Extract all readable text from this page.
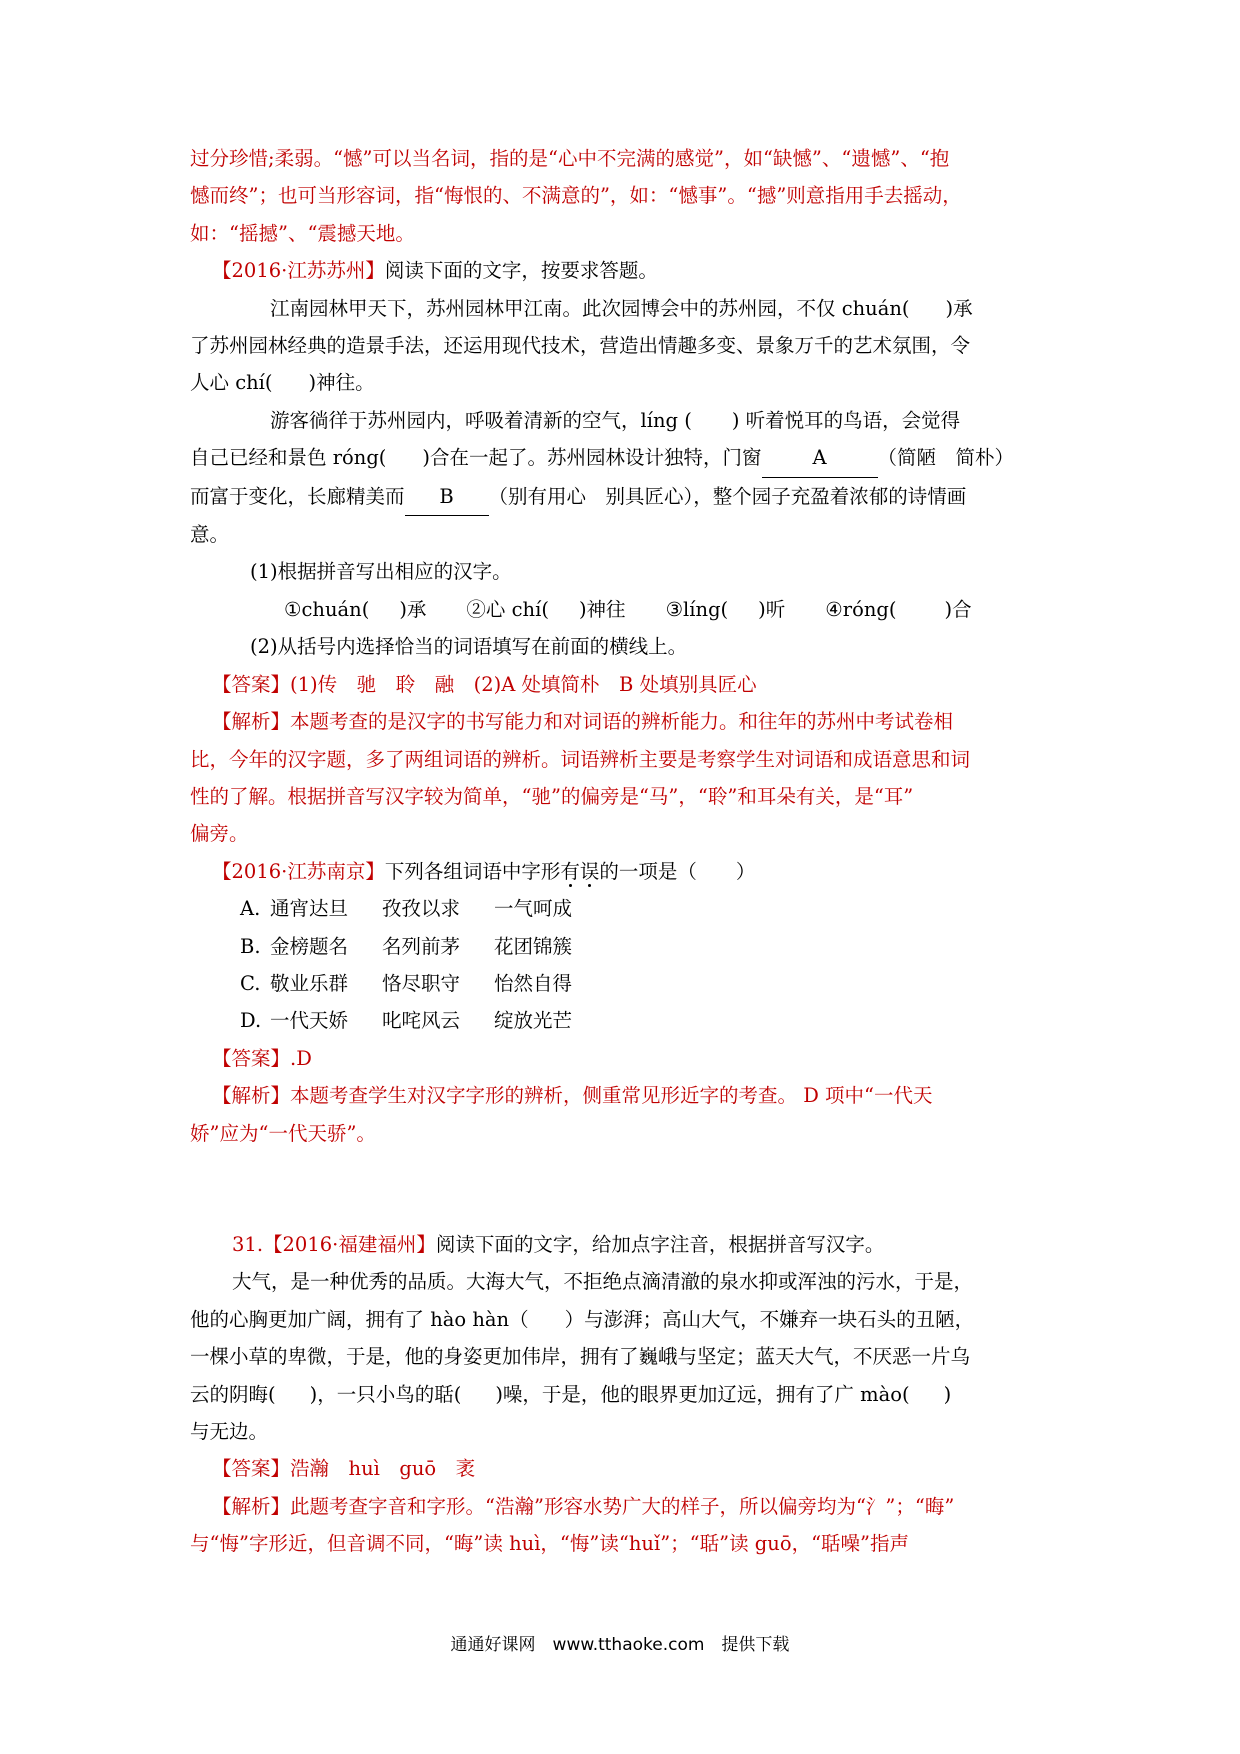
过分珍惜;柔弱。“憾”可以当名词，指的是“心中不完满的感觉”，如“缺憾”、“遗憾”、“抱
憾而终”；也可当形容词，指“悔恨的、不满意的”，如：“憾事”。“撼”则意指用手去摇动，
如：“摇撼”、“震撼天地。
【2016·江苏苏州】阅读下面的文字，按要求答题。
江南园林甲天下，苏州园林甲江南。此次园博会中的苏州园，不仅 chuán( )承
了苏州园林经典的造景手法，还运用现代技术，营造出情趣多变、景象万千的艺术氛围，令
人心 chí( )神往。
游客徜徉于苏州园内，呼吸着清新的空气，líng ( ) 听着悦耳的鸟语，会觉得
自己已经和景色 róng( )合在一起了。苏州园林设计独特，门窗	A	（简陋　简朴）
而富于变化，长廊精美而 B （别有用心　别具匠心），整个园子充盈着浓郁的诗情画
意。
(1)根据拼音写出相应的汉字。
①chuán( )承 ②心 chí( )神往 ③líng( )听 ④róng( )合
(2)从括号内选择恰当的词语填写在前面的横线上。
【答案】(1)传　驰　聆　融　(2)A 处填简朴　B 处填别具匠心
【解析】本题考查的是汉字的书写能力和对词语的辨析能力。和往年的苏州中考试卷相
比，今年的汉字题，多了两组词语的辨析。词语辨析主要是考察学生对词语和成语意思和词
性的了解。根据拼音写汉字较为简单，“驰”的偏旁是“马”，“聆”和耳朵有关，是“耳”
偏旁。
【2016·江苏南京】下列各组词语中字形有误的一项是（　　）
A. 通宵达旦 孜孜以求 一气呵成
B. 金榜题名 名列前茅 花团锦簇
C. 敬业乐群 恪尽职守 怡然自得
D. 一代天娇 叱咤风云 绽放光芒
【答案】.D
【解析】本题考查学生对汉字字形的辨析，侧重常见形近字的考查。 D 项中“一代天
娇”应为“一代天骄”。
31.【2016·福建福州】阅读下面的文字，给加点字注音，根据拼音写汉字。
大气，是一种优秀的品质。大海大气，不拒绝点滴清澈的泉水抑或浑浊的污水，于是，
他的心胸更加广阔，拥有了 hào hàn（ ）与澎湃；高山大气，不嫌弃一块石头的丑陋，
一棵小草的卑微，于是，他的身姿更加伟岸，拥有了巍峨与坚定；蓝天大气，不厌恶一片乌
云的阴晦( )，一只小鸟的聒( )噪，于是，他的眼界更加辽远，拥有了广 mào( )
与无边。
【答案】浩瀚　huì　guō　袤
【解析】此题考查字音和字形。“浩瀚”形容水势广大的样子，所以偏旁均为“氵”；“晦”
与“悔”字形近，但音调不同，“晦”读 huì，“悔”读“huǐ”；“聒”读 guō，“聒噪”指声
通通好课网　www.tthaoke.com　提供下载
